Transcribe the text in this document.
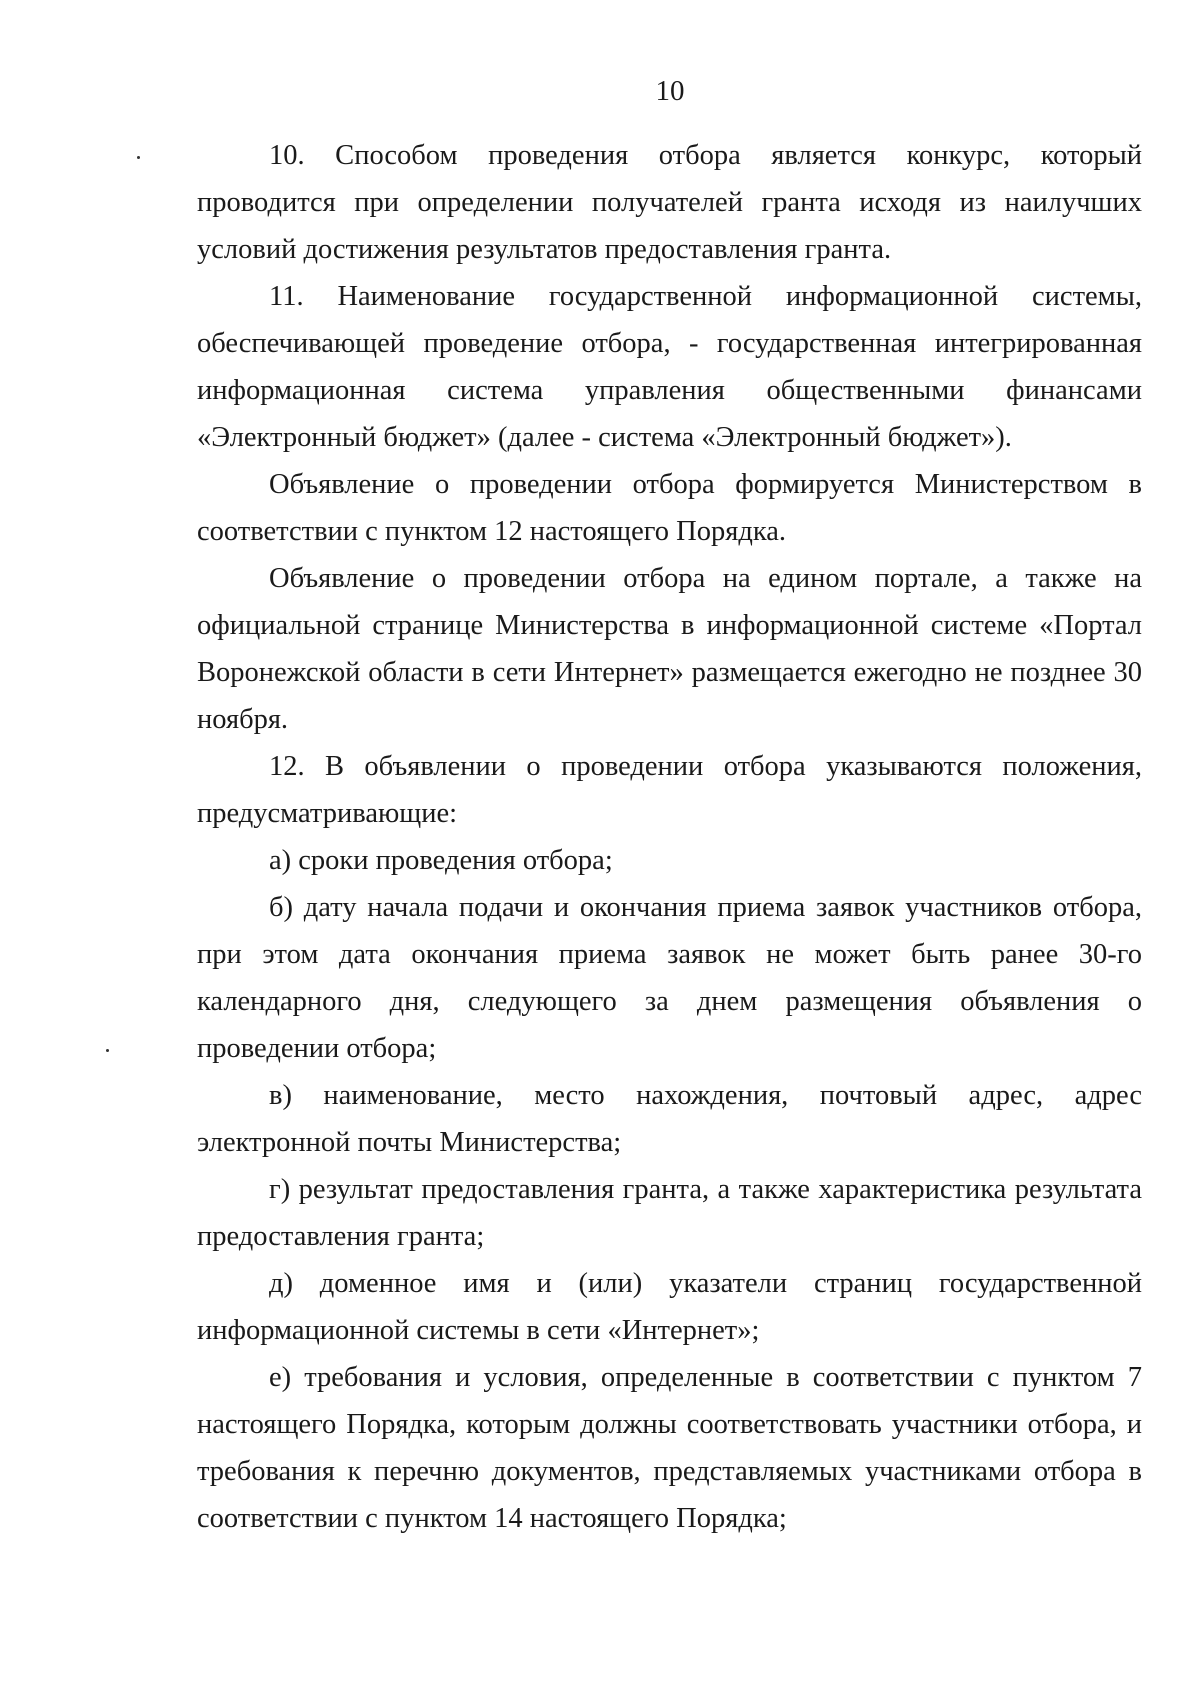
10

10. Способом проведения отбора является конкурс, который проводится при определении получателей гранта исходя из наилучших условий достижения результатов предоставления гранта.

11. Наименование государственной информационной системы, обеспечивающей проведение отбора, - государственная интегрированная информационная система управления общественными финансами «Электронный бюджет» (далее - система «Электронный бюджет»).

Объявление о проведении отбора формируется Министерством в соответствии с пунктом 12 настоящего Порядка.

Объявление о проведении отбора на едином портале, а также на официальной странице Министерства в информационной системе «Портал Воронежской области в сети Интернет» размещается ежегодно не позднее 30 ноября.

12. В объявлении о проведении отбора указываются положения, предусматривающие:

а) сроки проведения отбора;

б) дату начала подачи и окончания приема заявок участников отбора, при этом дата окончания приема заявок не может быть ранее 30-го календарного дня, следующего за днем размещения объявления о проведении отбора;

в) наименование, место нахождения, почтовый адрес, адрес электронной почты Министерства;

г) результат предоставления гранта, а также характеристика результата предоставления гранта;

д) доменное имя и (или) указатели страниц государственной информационной системы в сети «Интернет»;

е) требования и условия, определенные в соответствии с пунктом 7 настоящего Порядка, которым должны соответствовать участники отбора, и требования к перечню документов, представляемых участниками отбора в соответствии с пунктом 14 настоящего Порядка;
